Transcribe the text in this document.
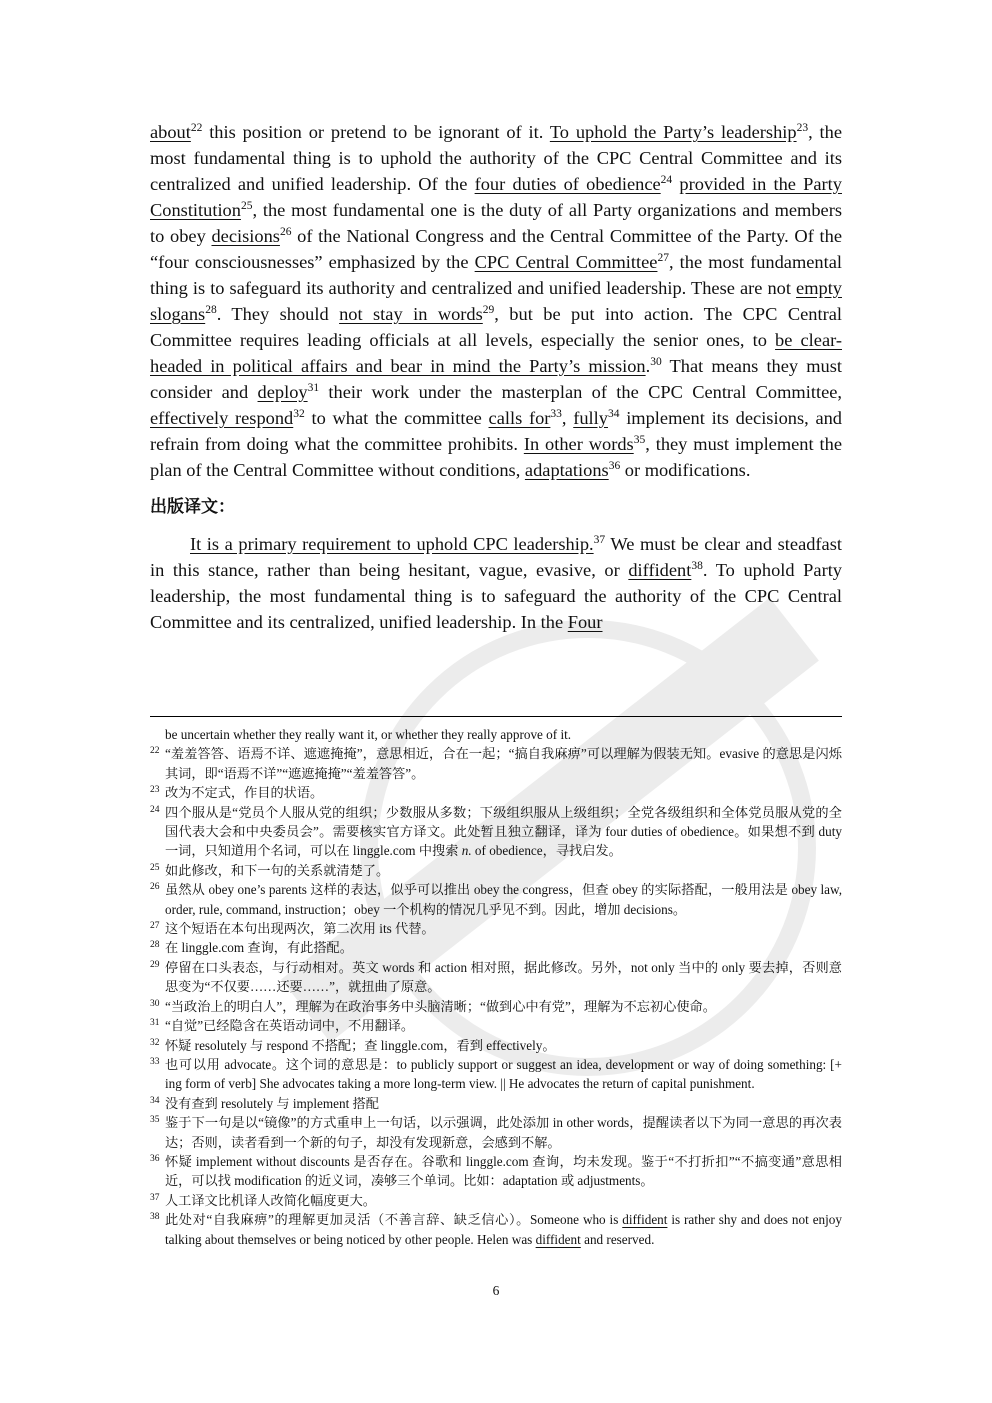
about$^{22}$ this position or pretend to be ignorant of it. To uphold the Party’s leadership$^{23}$, the most fundamental thing is to uphold the authority of the CPC Central Committee and its centralized and unified leadership. Of the four duties of obedience$^{24}$ provided in the Party Constitution$^{25}$, the most fundamental one is the duty of all Party organizations and members to obey decisions$^{26}$ of the National Congress and the Central Committee of the Party. Of the “four consciousnesses” emphasized by the CPC Central Committee$^{27}$, the most fundamental thing is to safeguard its authority and centralized and unified leadership. These are not empty slogans$^{28}$. They should not stay in words$^{29}$, but be put into action. The CPC Central Committee requires leading officials at all levels, especially the senior ones, to be clear-headed in political affairs and bear in mind the Party’s mission.$^{30}$ That means they must consider and deploy$^{31}$ their work under the masterplan of the CPC Central Committee, effectively respond$^{32}$ to what the committee calls for$^{33}$, fully$^{34}$ implement its decisions, and refrain from doing what the committee prohibits. In other words$^{35}$, they must implement the plan of the Central Committee without conditions, adaptations$^{36}$ or modifications.

出版译文：

It is a primary requirement to uphold CPC leadership.$^{37}$ We must be clear and steadfast in this stance, rather than being hesitant, vague, evasive, or diffident$^{38}$. To uphold Party leadership, the most fundamental thing is to safeguard the authority of the CPC Central Committee and its centralized, unified leadership. In the Four

be uncertain whether they really want it, or whether they really approve of it.

22 “羞羞答答、语焉不详、遮遮掩掩”，意思相近，合在一起；“搞自我麻痹”可以理解为假装无知。evasive 的意思是闪烁其词，即“语焉不详”“遮遮掩掩”“羞羞答答”。

23 改为不定式，作目的状语。

24 四个服从是“党员个人服从党的组织；少数服从多数；下级组织服从上级组织；全党各级组织和全体党员服从党的全国代表大会和中央委员会”。需要核实官方译文。此处暂且独立翻译，译为 four duties of obedience。如果想不到 duty 一词，只知道用个名词，可以在 linggle.com 中搜索 n. of obedience，寻找启发。

25 如此修改，和下一句的关系就清楚了。

26 虽然从 obey one’s parents 这样的表达，似乎可以推出 obey the congress，但查 obey 的实际搭配，一般用法是 obey law, order, rule, command, instruction；obey 一个机构的情况几乎见不到。因此，增加 decisions。

27 这个短语在本句出现两次，第二次用 its 代替。

28 在 linggle.com 查询，有此搭配。

29 停留在口头表态，与行动相对。英文 words 和 action 相对照，据此修改。另外，not only 当中的 only 要去掉，否则意思变为“不仅要……还要……”，就扭曲了原意。

30 “当政治上的明白人”，理解为在政治事务中头脑清晰；“做到心中有党”，理解为不忘初心使命。

31 “自觉”已经隐含在英语动词中，不用翻译。

32 怀疑 resolutely 与 respond 不搭配；查 linggle.com，看到 effectively。

33 也可以用 advocate。这个词的意思是：to publicly support or suggest an idea, development or way of doing something: [+ ing form of verb] She advocates taking a more long-term view. || He advocates the return of capital punishment.

34 没有查到 resolutely 与 implement 搭配

35 鉴于下一句是以“镜像”的方式重申上一句话，以示强调，此处添加 in other words，提醒读者以下为同一意思的再次表达；否则，读者看到一个新的句子，却没有发现新意，会感到不解。

36 怀疑 implement without discounts 是否存在。谷歌和 linggle.com 查询，均未发现。鉴于“不打折扣”“不搞变通”意思相近，可以找 modification 的近义词，凑够三个单词。比如：adaptation 或 adjustments。

37 人工译文比机译人改简化幅度更大。

38 此处对“自我麻痹”的理解更加灵活（不善言辞、缺乏信心）。Someone who is diffident is rather shy and does not enjoy talking about themselves or being noticed by other people. Helen was diffident and reserved.

6
